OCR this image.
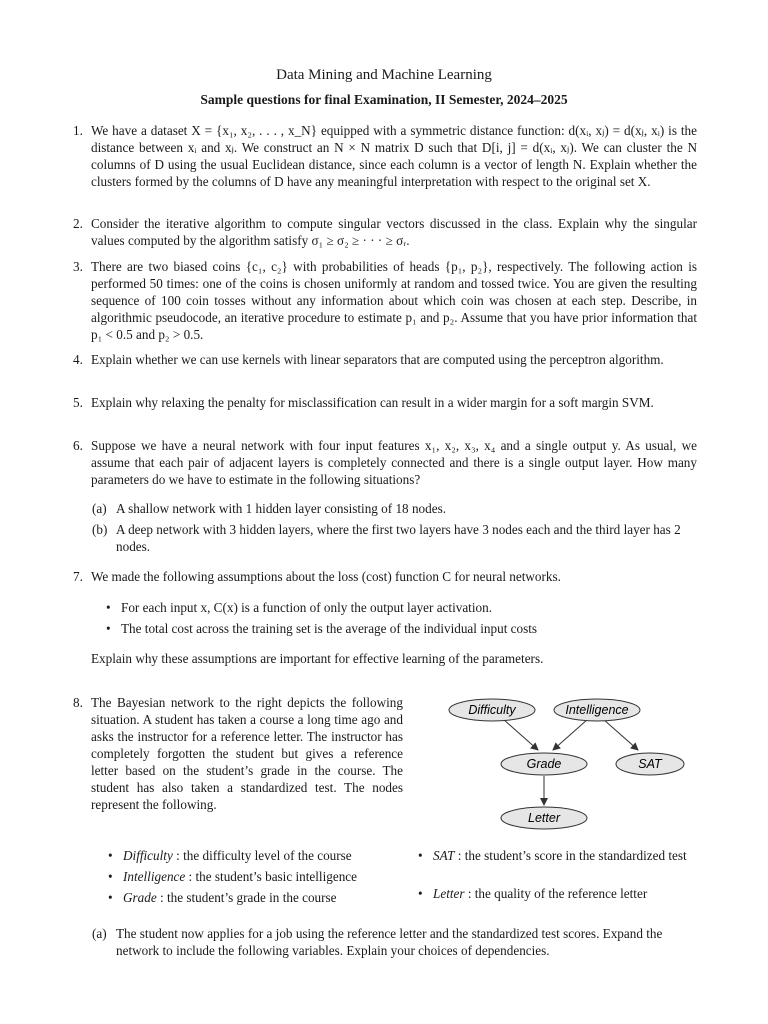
Data Mining and Machine Learning
Sample questions for final Examination, II Semester, 2024–2025
1. We have a dataset X = {x₁, x₂, . . . , x_N} equipped with a symmetric distance function: d(xᵢ, xⱼ) = d(xⱼ, xᵢ) is the distance between xᵢ and xⱼ. We construct an N × N matrix D such that D[i, j] = d(xᵢ, xⱼ). We can cluster the N columns of D using the usual Euclidean distance, since each column is a vector of length N. Explain whether the clusters formed by the columns of D have any meaningful interpretation with respect to the original set X.
2. Consider the iterative algorithm to compute singular vectors discussed in the class. Explain why the singular values computed by the algorithm satisfy σ₁ ≥ σ₂ ≥ · · · ≥ σᵣ.
3. There are two biased coins {c₁, c₂} with probabilities of heads {p₁, p₂}, respectively. The following action is performed 50 times: one of the coins is chosen uniformly at random and tossed twice. You are given the resulting sequence of 100 coin tosses without any information about which coin was chosen at each step. Describe, in algorithmic pseudocode, an iterative procedure to estimate p₁ and p₂. Assume that you have prior information that p₁ < 0.5 and p₂ > 0.5.
4. Explain whether we can use kernels with linear separators that are computed using the perceptron algorithm.
5. Explain why relaxing the penalty for misclassification can result in a wider margin for a soft margin SVM.
6. Suppose we have a neural network with four input features x₁, x₂, x₃, x₄ and a single output y. As usual, we assume that each pair of adjacent layers is completely connected and there is a single output layer. How many parameters do we have to estimate in the following situations?
(a) A shallow network with 1 hidden layer consisting of 18 nodes.
(b) A deep network with 3 hidden layers, where the first two layers have 3 nodes each and the third layer has 2 nodes.
7. We made the following assumptions about the loss (cost) function C for neural networks.
• For each input x, C(x) is a function of only the output layer activation.
• The total cost across the training set is the average of the individual input costs
Explain why these assumptions are important for effective learning of the parameters.
8. The Bayesian network to the right depicts the following situation. A student has taken a course a long time ago and asks the instructor for a reference letter. The instructor has completely forgotten the student but gives a reference letter based on the student’s grade in the course. The student has also taken a standardized test. The nodes represent the following.
Difficulty	Intelligence
Grade	SAT
Letter
• Difficulty : the difficulty level of the course
• Intelligence : the student’s basic intelligence
• Grade : the student’s grade in the course
• SAT : the student’s score in the standardized test
• Letter : the quality of the reference letter
(a) The student now applies for a job using the reference letter and the standardized test scores. Expand the network to include the following variables. Explain your choices of dependencies.
